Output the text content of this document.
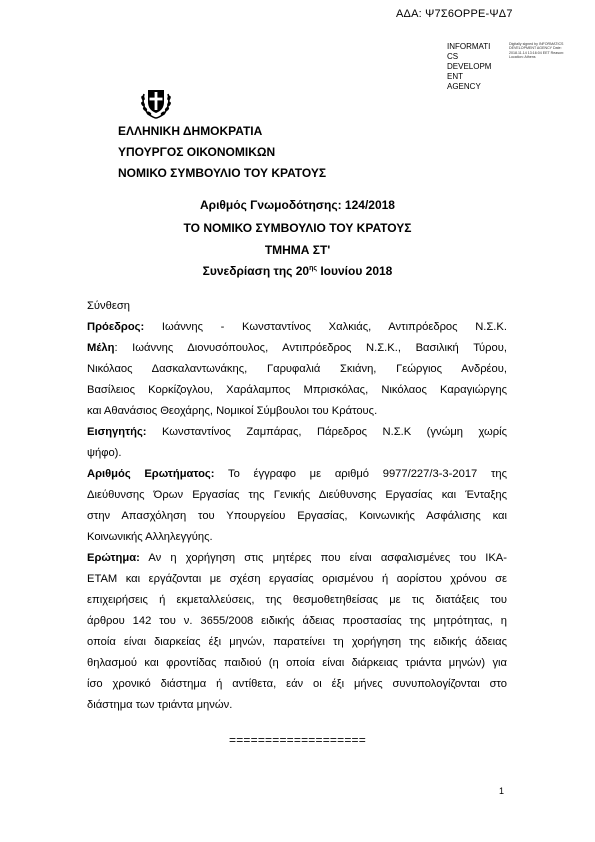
ΑΔΑ: Ψ7Σ6ΟΡΡΕ-ΨΔ7
INFORMATICS DEVELOPMENT AGENCY
Digitally signed by INFORMATICS DEVELOPMENT AGENCY Date: 2018.11.14 13:16:04 EET Reason: Location: Athens
ΕΛΛΗΝΙΚΗ ΔΗΜΟΚΡΑΤΙΑ
ΥΠΟΥΡΓΟΣ ΟΙΚΟΝΟΜΙΚΩΝ
ΝΟΜΙΚΟ ΣΥΜΒΟΥΛΙΟ ΤΟΥ ΚΡΑΤΟΥΣ
Αριθμός Γνωμοδότησης: 124/2018
ΤΟ ΝΟΜΙΚΟ ΣΥΜΒΟΥΛΙΟ ΤΟΥ ΚΡΑΤΟΥΣ
ΤΜΗΜΑ ΣΤ'
Συνεδρίαση της $20^{\eta\varsigma}$ Ιουνίου 2018
Σύνθεση
Πρόεδρος: Ιωάννης - Κωνσταντίνος Χαλκιάς, Αντιπρόεδρος Ν.Σ.Κ.
Μέλη: Ιωάννης Διονυσόπουλος, Αντιπρόεδρος Ν.Σ.Κ., Βασιλική Τύρου,
Νικόλαος Δασκαλαντωνάκης, Γαρυφαλιά Σκιάνη, Γεώργιος Ανδρέου,
Βασίλειος Κορκίζογλου, Χαράλαμπος Μπρισκόλας, Νικόλαος Καραγιώργης
και Αθανάσιος Θεοχάρης, Νομικοί Σύμβουλοι του Κράτους.
Εισηγητής: Κωνσταντίνος Ζαμπάρας, Πάρεδρος Ν.Σ.Κ (γνώμη χωρίς
ψήφο).
Αριθμός Ερωτήματος: Το έγγραφο με αριθμό 9977/227/3-3-2017 της
Διεύθυνσης Όρων Εργασίας της Γενικής Διεύθυνσης Εργασίας και Ένταξης
στην Απασχόληση του Υπουργείου Εργασίας, Κοινωνικής Ασφάλισης και
Κοινωνικής Αλληλεγγύης.
Ερώτημα: Αν η χορήγηση στις μητέρες που είναι ασφαλισμένες του ΙΚΑ-
ΕΤΑΜ και εργάζονται με σχέση εργασίας ορισμένου ή αορίστου χρόνου σε
επιχειρήσεις ή εκμεταλλεύσεις, της θεσμοθετηθείσας με τις διατάξεις του
άρθρου 142 του ν. 3655/2008 ειδικής άδειας προστασίας της μητρότητας, η
οποία είναι διαρκείας έξι μηνών, παρατείνει τη χορήγηση της ειδικής άδειας
θηλασμού και φροντίδας παιδιού (η οποία είναι διάρκειας τριάντα μηνών) για
ίσο χρονικό διάστημα ή αντίθετα, εάν οι έξι μήνες συνυπολογίζονται στο
διάστημα των τριάντα μηνών.
===================
1
